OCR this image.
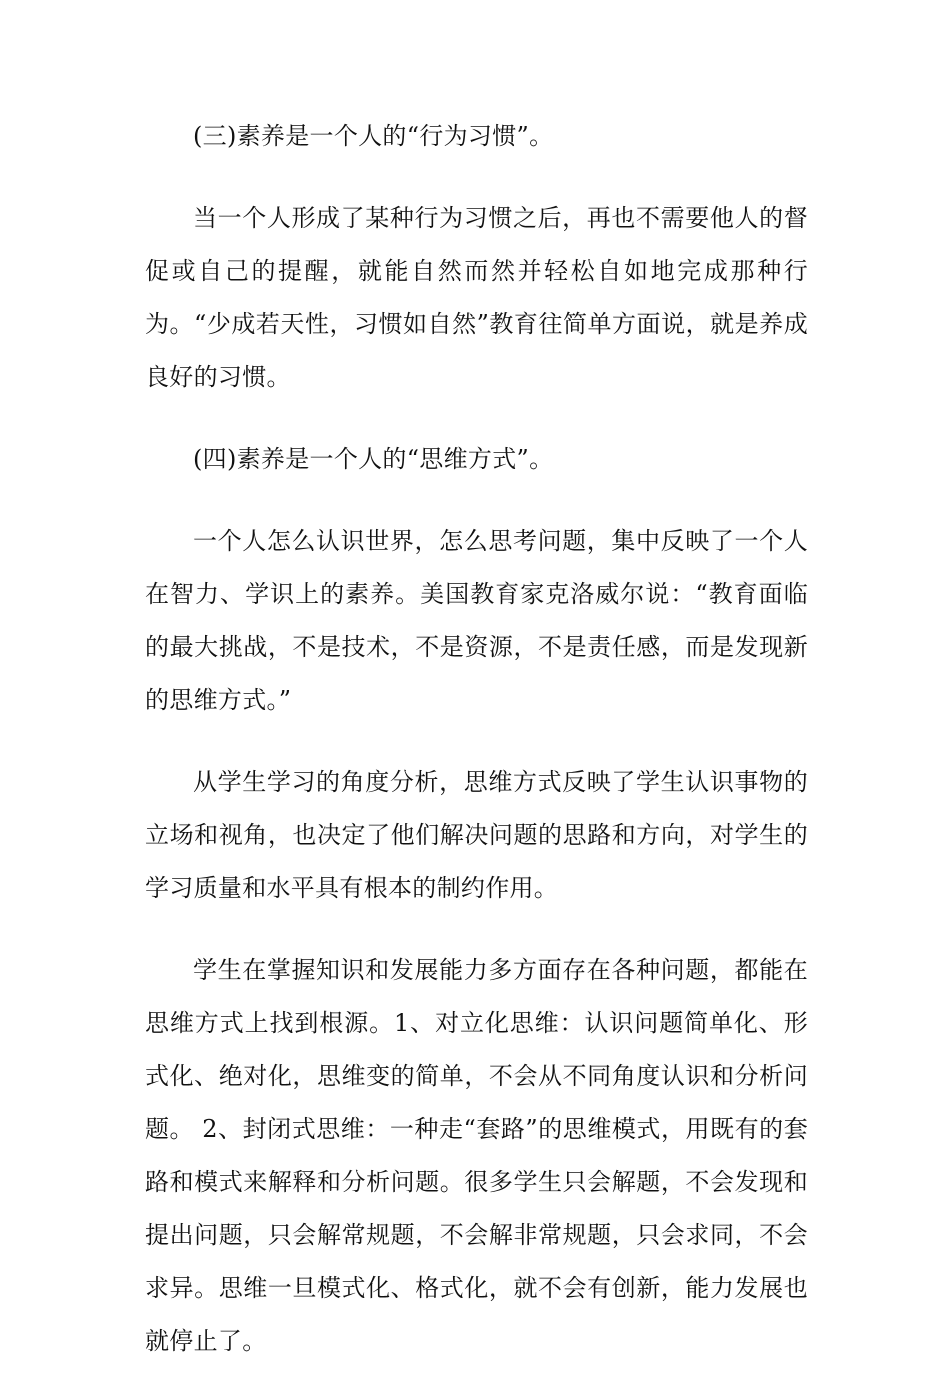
(三)素养是一个人的“行为习惯”。

当一个人形成了某种行为习惯之后，再也不需要他人的督促或自己的提醒，就能自然而然并轻松自如地完成那种行为。“少成若天性，习惯如自然”教育往简单方面说，就是养成良好的习惯。

(四)素养是一个人的“思维方式”。

一个人怎么认识世界，怎么思考问题，集中反映了一个人在智力、学识上的素养。美国教育家克洛威尔说：“教育面临的最大挑战，不是技术，不是资源，不是责任感，而是发现新的思维方式。”

从学生学习的角度分析，思维方式反映了学生认识事物的立场和视角，也决定了他们解决问题的思路和方向，对学生的学习质量和水平具有根本的制约作用。

学生在掌握知识和发展能力多方面存在各种问题，都能在思维方式上找到根源。1、对立化思维：认识问题简单化、形式化、绝对化，思维变的简单，不会从不同角度认识和分析问题。 2、封闭式思维：一种走“套路”的思维模式，用既有的套路和模式来解释和分析问题。很多学生只会解题，不会发现和提出问题，只会解常规题，不会解非常规题，只会求同，不会求异。思维一旦模式化、格式化，就不会有创新，能力发展也就停止了。
